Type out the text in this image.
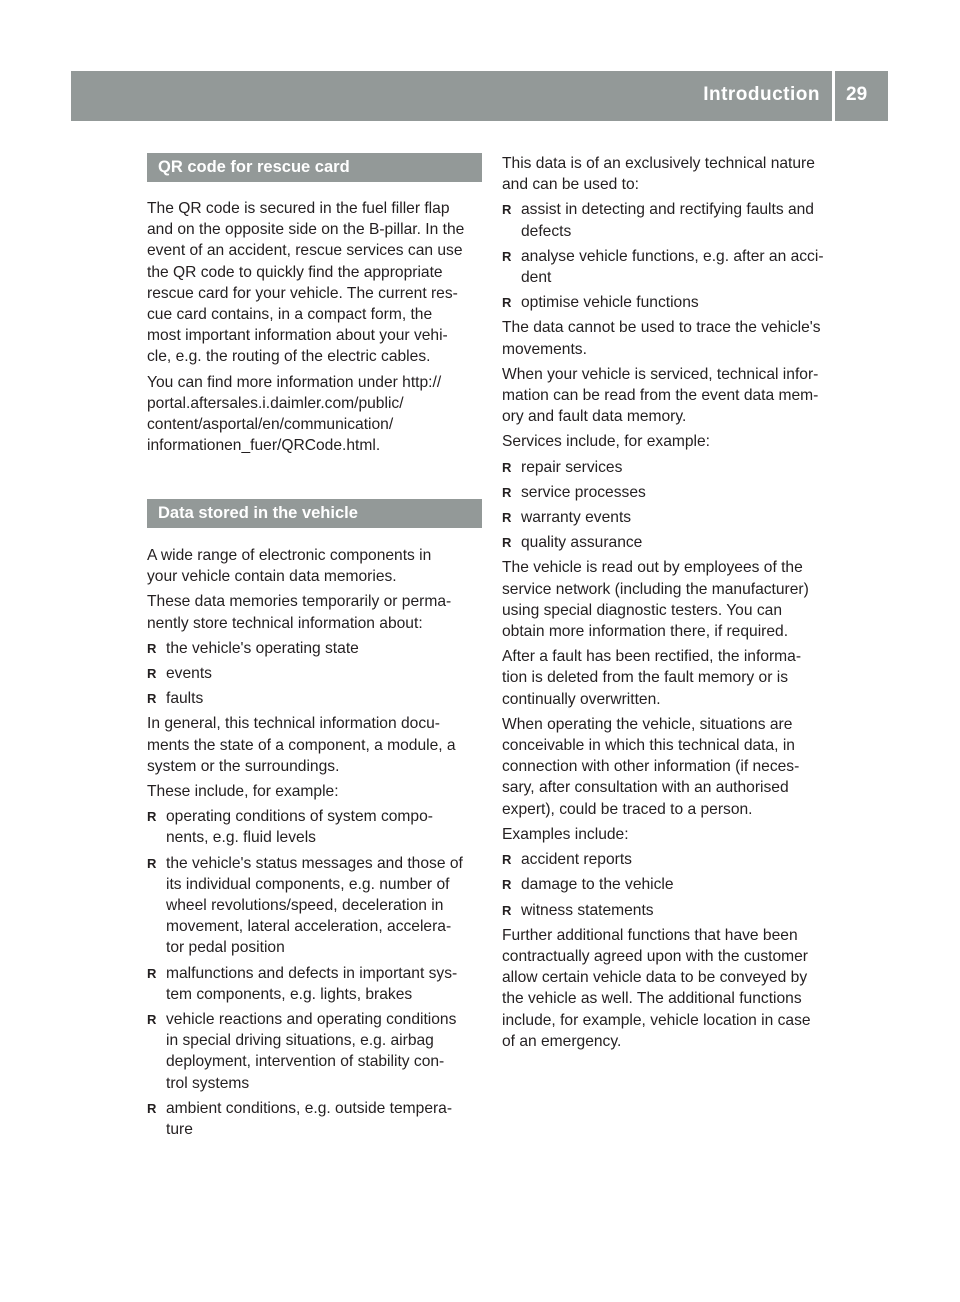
Introduction 29
QR code for rescue card

The QR code is secured in the fuel filler flap
and on the opposite side on the B-pillar. In the
event of an accident, rescue services can use
the QR code to quickly find the appropriate
rescue card for your vehicle. The current res-
cue card contains, in a compact form, the
most important information about your vehi-
cle, e.g. the routing of the electric cables.

You can find more information under http://
portal.aftersales.i.daimler.com/public/
content/asportal/en/communication/
informationen_fuer/QRCode.html.

Data stored in the vehicle

A wide range of electronic components in
your vehicle contain data memories.

These data memories temporarily or perma-
nently store technical information about:

R the vehicle's operating state
R events
R faults

In general, this technical information docu-
ments the state of a component, a module, a
system or the surroundings.

These include, for example:

R operating conditions of system compo-
nents, e.g. fluid levels
R the vehicle's status messages and those of
its individual components, e.g. number of
wheel revolutions/speed, deceleration in
movement, lateral acceleration, accelera-
tor pedal position
R malfunctions and defects in important sys-
tem components, e.g. lights, brakes
R vehicle reactions and operating conditions
in special driving situations, e.g. airbag
deployment, intervention of stability con-
trol systems
R ambient conditions, e.g. outside tempera-
ture

This data is of an exclusively technical nature
and can be used to:

R assist in detecting and rectifying faults and
defects
R analyse vehicle functions, e.g. after an acci-
dent
R optimise vehicle functions

The data cannot be used to trace the vehicle's
movements.

When your vehicle is serviced, technical infor-
mation can be read from the event data mem-
ory and fault data memory.

Services include, for example:

R repair services
R service processes
R warranty events
R quality assurance

The vehicle is read out by employees of the
service network (including the manufacturer)
using special diagnostic testers. You can
obtain more information there, if required.

After a fault has been rectified, the informa-
tion is deleted from the fault memory or is
continually overwritten.

When operating the vehicle, situations are
conceivable in which this technical data, in
connection with other information (if neces-
sary, after consultation with an authorised
expert), could be traced to a person.

Examples include:

R accident reports
R damage to the vehicle
R witness statements

Further additional functions that have been
contractually agreed upon with the customer
allow certain vehicle data to be conveyed by
the vehicle as well. The additional functions
include, for example, vehicle location in case
of an emergency.
